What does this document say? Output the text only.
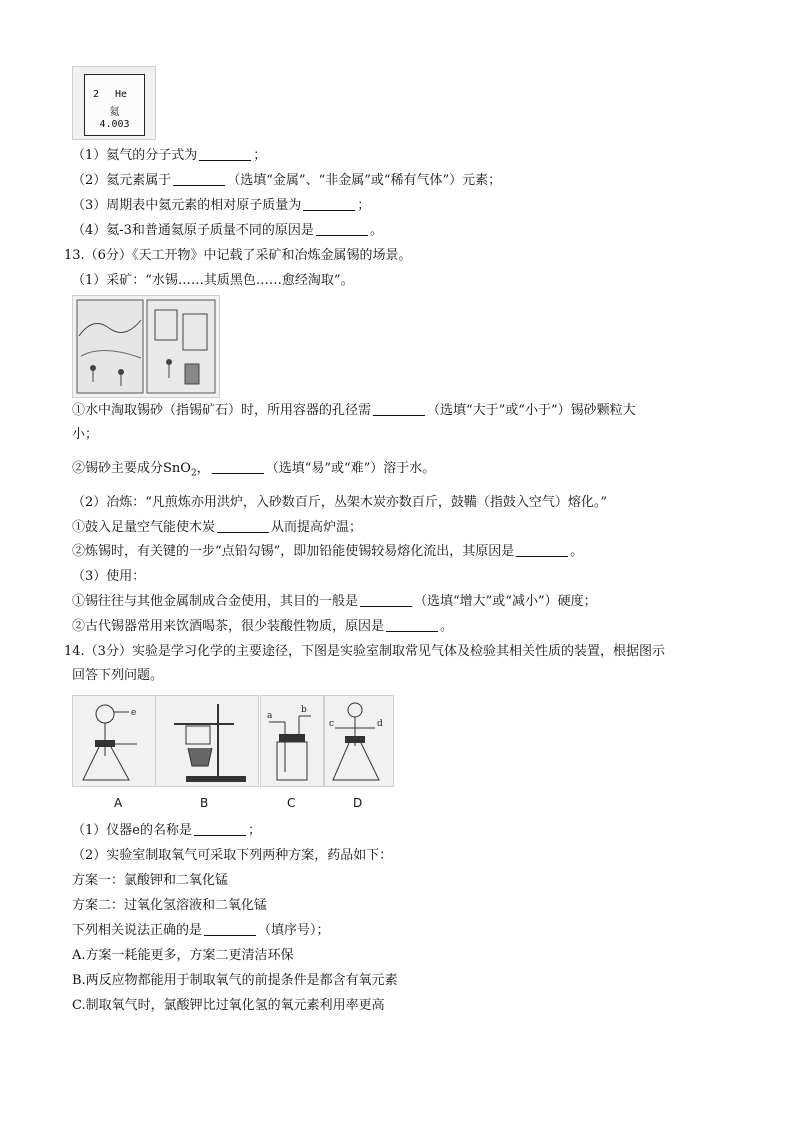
2 He
氦
4.003
（1）氦气的分子式为	；
（2）氦元素属于	（选填“金属”、“非金属”或“稀有气体”）元素；
（3）周期表中氦元素的相对原子质量为	；
（4）氦-3和普通氦原子质量不同的原因是	。
13.（6分）《天工开物》中记载了采矿和冶炼金属锡的场景。
（1）采矿：“水锡……其质黑色……愈经淘取”。
①水中淘取锡砂（指锡矿石）时，所用容器的孔径需	（选填“大于”或“小于”）锡砂颗粒大
小；
②锡砂主要成分SnO$_2$，	（选填“易”或“难”）溶于水。
（2）冶炼：“凡煎炼亦用洪炉，入砂数百斤，丛架木炭亦数百斤，鼓鞴（指鼓入空气）熔化。”
①鼓入足量空气能使木炭	从而提高炉温；
②炼锡时，有关键的一步“点铅勾锡”，即加铅能使锡较易熔化流出，其原因是	。
（3）使用：
①锡往往与其他金属制成合金使用，其目的一般是	（选填“增大”或“减小”）硬度；
②古代锡器常用来饮酒喝茶，很少装酸性物质，原因是	。
14.（3分）实验是学习化学的主要途径，下图是实验室制取常见气体及检验其相关性质的装置，根据图示
回答下列问题。
e	a
b
c	d
A	B	C	D
（1）仪器e的名称是	；
（2）实验室制取氧气可采取下列两种方案，药品如下：
方案一：氯酸钾和二氧化锰
方案二：过氧化氢溶液和二氧化锰
下列相关说法正确的是	（填序号）；
A.方案一耗能更多，方案二更清洁环保
B.两反应物都能用于制取氧气的前提条件是都含有氧元素
C.制取氧气时，氯酸钾比过氧化氢的氧元素利用率更高
